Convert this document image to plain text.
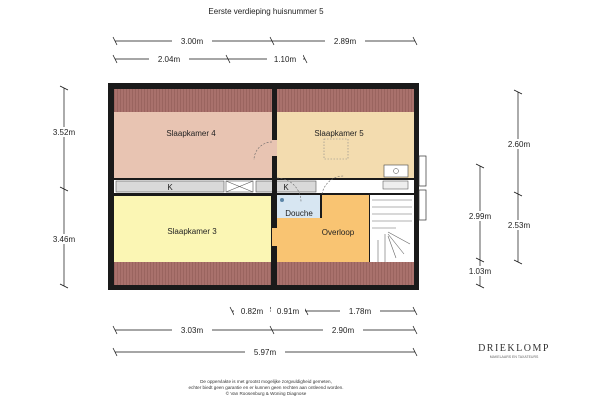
Eerste verdieping huisnummer 5
3.00m	2.89m
2.04m	1.10m
3.52m
3.46m
2.60m
2.99m
2.53m
1.03m
0.82m 0.91m	1.78m
3.03m	2.90m
5.97m
Slaapkamer 4	Slaapkamer 5
Slaapkamer 3	Overloop
Douche
K	K
DRIEKLOMP
MAKELAARS EN TAXATEURS
De oppervlakte is met grootst mogelijke zorgvuldigheid gemeten,
echter biedt geen garantie en er kunnen geen rechten aan ontleend worden.
© Van Roosenburg & Woning Diagnose
